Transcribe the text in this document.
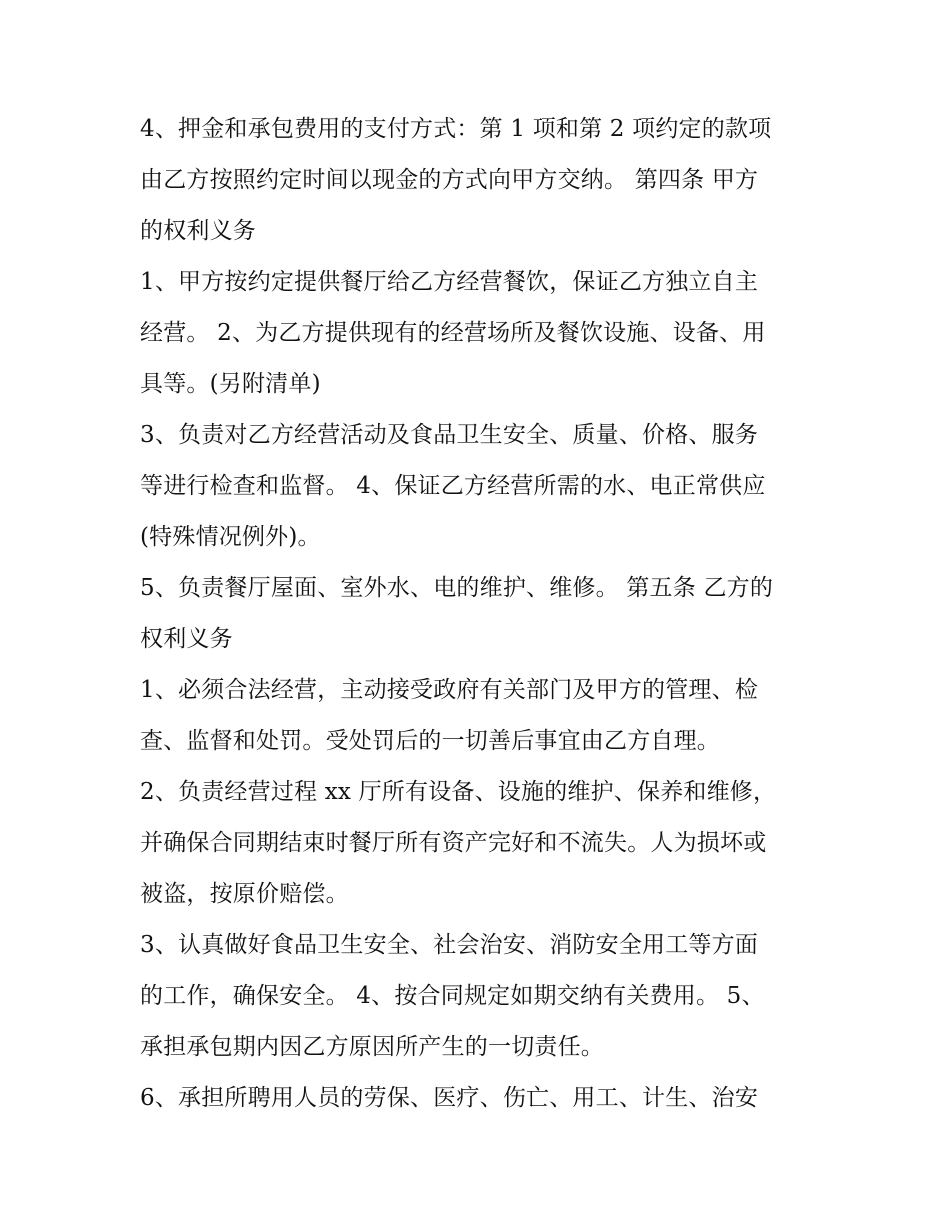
4、押金和承包费用的支付方式：第 1 项和第 2 项约定的款项
由乙方按照约定时间以现金的方式向甲方交纳。 第四条 甲方
的权利义务
1、甲方按约定提供餐厅给乙方经营餐饮，保证乙方独立自主
经营。 2、为乙方提供现有的经营场所及餐饮设施、设备、用
具等。(另附清单)
3、负责对乙方经营活动及食品卫生安全、质量、价格、服务
等进行检查和监督。 4、保证乙方经营所需的水、电正常供应
(特殊情况例外)。
5、负责餐厅屋面、室外水、电的维护、维修。 第五条 乙方的
权利义务
1、必须合法经营，主动接受政府有关部门及甲方的管理、检
查、监督和处罚。受处罚后的一切善后事宜由乙方自理。
2、负责经营过程 xx 厅所有设备、设施的维护、保养和维修，
并确保合同期结束时餐厅所有资产完好和不流失。人为损坏或
被盗，按原价赔偿。
3、认真做好食品卫生安全、社会治安、消防安全用工等方面
的工作，确保安全。 4、按合同规定如期交纳有关费用。 5、
承担承包期内因乙方原因所产生的一切责任。
6、承担所聘用人员的劳保、医疗、伤亡、用工、计生、治安
